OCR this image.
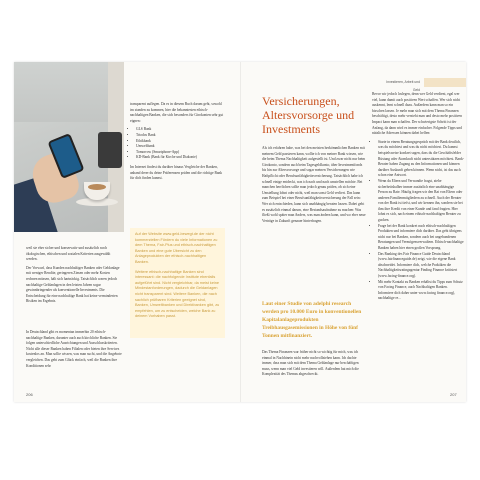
transparent auflegen. Da es in diesem Buch darum geht, sowohl im standen zu kommen, hier die bekanntesten ethisch-nachhaltigen Banken, die sich besonders für Girokonten sehr gut eignen:

• GLS Bank
• Triodos Bank
• Ethikbank
• Umweltbank
• Tomorrow (Smartphone-App)
• KD-Bank (Bank für Kirche und Diakonie)

Im Internet findest du darüber hinaus Vergleiche der Banken, anhand derer du deine Präferenzen prüfen und die richtige Bank für dich finden kannst.

Auf der Website www.geld-bewegt.de der nicht kommerziellen Fördern du viele Informationen zu dem Thema, Fair-Plus und ethisch-nachhaltigen Banken und eine gute Übersicht zu den Anlageprodukten der ethisch-nachhaltigen Banken.

Weitere ethisch-nachhaltige Banken sind interessant: die nachfolgende Institute ebenfalls aufgeführt sind. Nicht vergleichbar, da meist keine Mindestanforderungen, dadurch die Geldanlagen nicht transparent sind. Weitere Banken, die nach sachlich prüfbaren Kriterien geeignet sind, Banken, Umweltbanken und Direktbanken gibt, zu empfehlen, um zu entscheiden, welche Bank zu deinem Vorhaben passt.

weil sie eher sicher und konservativ und zusätzlich noch ökologischen, ethischen und sozialen Kriterien ausgewählt werden.

Der Vorwurf, dass Kunden nachhaltiger Banken oder Geldanlage mit weniger Rendite, geringeren Zinsen oder mehr Kosten rechnen müssen, hält sich hartnäckig. Tatsächlich waren jedoch nachhaltige Geldanlagen in den letzten Jahren sogar gewinnbringender als konventionelle Investments. Die Entscheidung für eine nachhaltige Bank hat keine verminderten Risiken im Ergebnis.

In Deutschland gibt es momentan immerhin 20 ethisch-nachhaltige Banken, darunter auch auch kirchliche Banken. Sie folgen unterschiedliche Ausrichtungen und Ausschlusskriterien. Nicht alle dieser Banken haben Filialen oder bieten ihre Services kostenlos an. Man sollte wissen, was man sucht, und die Angebote vergleichen. Das geht zum Glück einfach, weil die Banken ihre Konditionen sehr

206
Investieren, Arbeit und Geld
Versicherungen, Altersvorsorge und Investments

Als ich erfahren habe, was bei den meisten herkömmlichen Banken mit meinem Geld passieren kann, wollte ich von meiner Bank wissen, wie die beim Thema Nachhaltigkeit aufgestellt ist. Und zwar nicht nur beim Girokonto, sondern auch beim Tagesgeldkonto, über Investmentfonds bis hin zur Altersvorsorge und sogar meinen Versicherungen wie Haftpflicht oder Berufsunfähigkeitsversicherung. Tatsächlich habe ich schnell einige entdeckt, was ich nach und nach umstellen möchte. Bei manchen herrlichen sollte man jedoch genau prüfen, ob sich eine Umstellung lohnt oder nicht, weil man sonst Geld verliert. Das kann zum Beispiel bei einer Berufsunfähigkeitsversicherung der Fall sein: Wer sich entschieden, kann sich unabhängig beraten lassen. Dabei geht es zusätzlich einmal darum, eine Bestandsaufnahme zu machen: Was fließt wohl später man Anders, was man ändern kann, und wo eher neue Verträge in Zukunft genauer hinterfragen.

Laut einer Studie von adelphi research werden pro 10.000 Euro in konventionellen Kapitalanlageprodukten Treibhausgasemissionen in Höhe von fünf Tonnen mitfinanziert.

Das Thema Finanzen war früher nicht so wichtig für mich, was ich einmal in Nachhinein nicht mehr nachvollziehen kann. Ich dachte immer, dass man sich mit dem Thema Geldanlage nur beschäftigen muss, wenn man viel Geld investieren will. Außerdem hat mich die Komplexität des Themas abgeschreckt.

Bevor wir jedoch loslegen, denn wer Geld verdient, egal wer viel, kann damit auch positiven Wert schaffen. Wer sich nicht auskennt, lernt schnell dazu. Außerdem kann man so ein bisschen lassen. Je mehr man sich mit dem Thema Finanzen beschäftigt, desto mehr versteht man und desto mehr positiven Impact kann man schaffen. Der schwierigste Schritt ist der Anfang, da dann wird es immer einfacher. Folgende Tipps und nützliche Adressen können dabei helfen:

• Starte in einem Beratungsgespräch mit der Bank deutlich, was du möchtest und was du nicht möchtest. Du kannst beispielsweise konkret sagen, dass du die Geschäftsfelder Rüstung oder Atomkraft nicht unterstützen möchtest. Bank-Berater haben Zugang zu den Informationen und können darüber Auskunft geben können. Wenn nicht, ist das auch schon eine Antwort.
• Wenn du Eltern und Verwandte fragst, ziehe sicherheitshalber immer zusätzlich eine unabhängige Person zu Rate. Häufig fragen wir den Rat von Eltern oder anderen Familienmitgliedern zu schnell. Auch der Berater von der Bank ist tiefst, und wir kennen ihn, sondern sie bei ihm ihre Kredit von einer Kunde und fand fragten. Hier lohnt es sich, nach einem ethisch-nachhaltigen Berater zu gucken.
• Frage bei der Bank konkret nach ethisch-nachhaltigen Produkten und informiere dich darüber. Das geht übrigens nicht nur bei Banken, sondern auch bei ungebundenen Beratungen und Vermögensverwaltern. Ethisch-nachhaltige Banken haben hier einen großen Vorsprung.
• Das Ranking des Fair Finance Guide Deutschland (www.fairfinanceguide.de) zeigt, wie die eigene Bank abschneidet. Informiere dich, welche Praktiken die Nachhaltigkeitsratingagentur Finding Finance kritisiert (www.facing-finance.org).
• Mit mehr Kontakt zu Banken erhältst du Tipps zum Schutz von Facing Finance, auch Nachhaltigen Banken. Informiere dich daher unter www.facing finance.org), nachhaltige re...
207
